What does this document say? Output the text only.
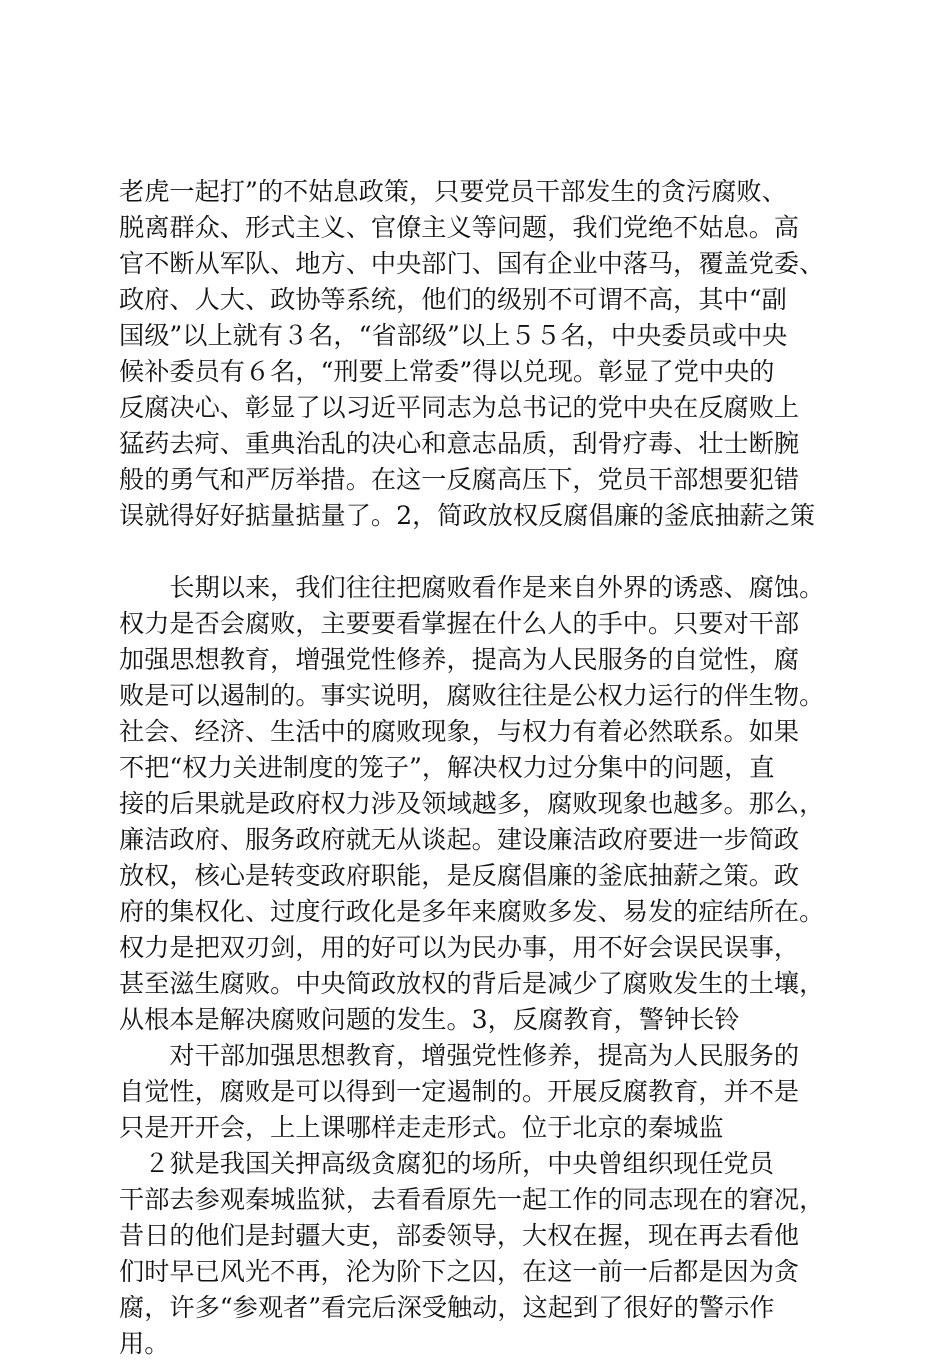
老虎一起打”的不姑息政策，只要党员干部发生的贪污腐败、
脱离群众、形式主义、官僚主义等问题，我们党绝不姑息。高
官不断从军队、地方、中央部门、国有企业中落马，覆盖党委、
政府、人大、政协等系统，他们的级别不可谓不高，其中“副
国级”以上就有３名，“省部级”以上５５名，中央委员或中央
候补委员有６名，“刑要上常委”得以兑现。彰显了党中央的
反腐决心、彰显了以习近平同志为总书记的党中央在反腐败上
猛药去疴、重典治乱的决心和意志品质，刮骨疗毒、壮士断腕
般的勇气和严厉举措。在这一反腐高压下，党员干部想要犯错
误就得好好掂量掂量了。2，简政放权反腐倡廉的釜底抽薪之策
　　长期以来，我们往往把腐败看作是来自外界的诱惑、腐蚀。
权力是否会腐败，主要要看掌握在什么人的手中。只要对干部
加强思想教育，增强党性修养，提高为人民服务的自觉性，腐
败是可以遏制的。事实说明，腐败往往是公权力运行的伴生物。
社会、经济、生活中的腐败现象，与权力有着必然联系。如果
不把“权力关进制度的笼子”，解决权力过分集中的问题，直
接的后果就是政府权力涉及领域越多，腐败现象也越多。那么，
廉洁政府、服务政府就无从谈起。建设廉洁政府要进一步简政
放权，核心是转变政府职能，是反腐倡廉的釜底抽薪之策。政
府的集权化、过度行政化是多年来腐败多发、易发的症结所在。
权力是把双刃剑，用的好可以为民办事，用不好会误民误事，
甚至滋生腐败。中央简政放权的背后是减少了腐败发生的土壤，
从根本是解决腐败问题的发生。3，反腐教育，警钟长铃
　　对干部加强思想教育，增强党性修养，提高为人民服务的
自觉性，腐败是可以得到一定遏制的。开展反腐教育，并不是
只是开开会，上上课哪样走走形式。位于北京的秦城监
　２狱是我国关押高级贪腐犯的场所，中央曾组织现任党员
干部去参观秦城监狱，去看看原先一起工作的同志现在的窘况，
昔日的他们是封疆大吏，部委领导，大权在握，现在再去看他
们时早已风光不再，沦为阶下之囚，在这一前一后都是因为贪
腐，许多“参观者”看完后深受触动，这起到了很好的警示作
用。
